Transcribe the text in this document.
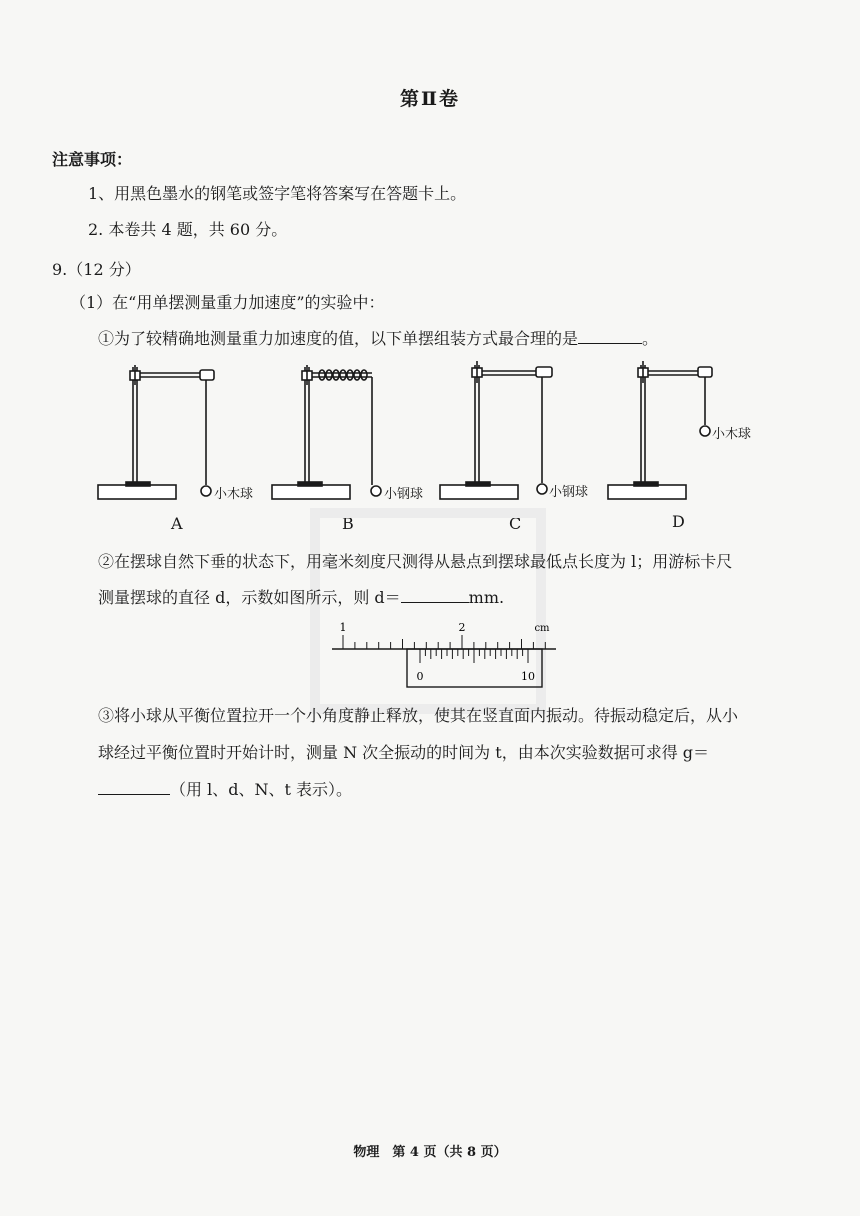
第Ⅱ卷
注意事项：
1、用黑色墨水的钢笔或签字笔将答案写在答题卡上。
2. 本卷共 4 题，共 60 分。
9.（12 分）
（1）在“用单摆测量重力加速度”的实验中：
①为了较精确地测量重力加速度的值，以下单摆组装方式最合理的是	。
小木球	小钢球	小钢球
小木球
A	B	C	D
②在摆球自然下垂的状态下，用毫米刻度尺测得从悬点到摆球最低点长度为 l；用游标卡尺
测量摆球的直径 d，示数如图所示，则 d＝	mm.
1	2	cm
0	10
③将小球从平衡位置拉开一个小角度静止释放，使其在竖直面内振动。待振动稳定后，从小
球经过平衡位置时开始计时，测量 N 次全振动的时间为 t，由本次实验数据可求得 g＝
（用 l、d、N、t 表示）。
物理　第 4 页（共 8 页）
